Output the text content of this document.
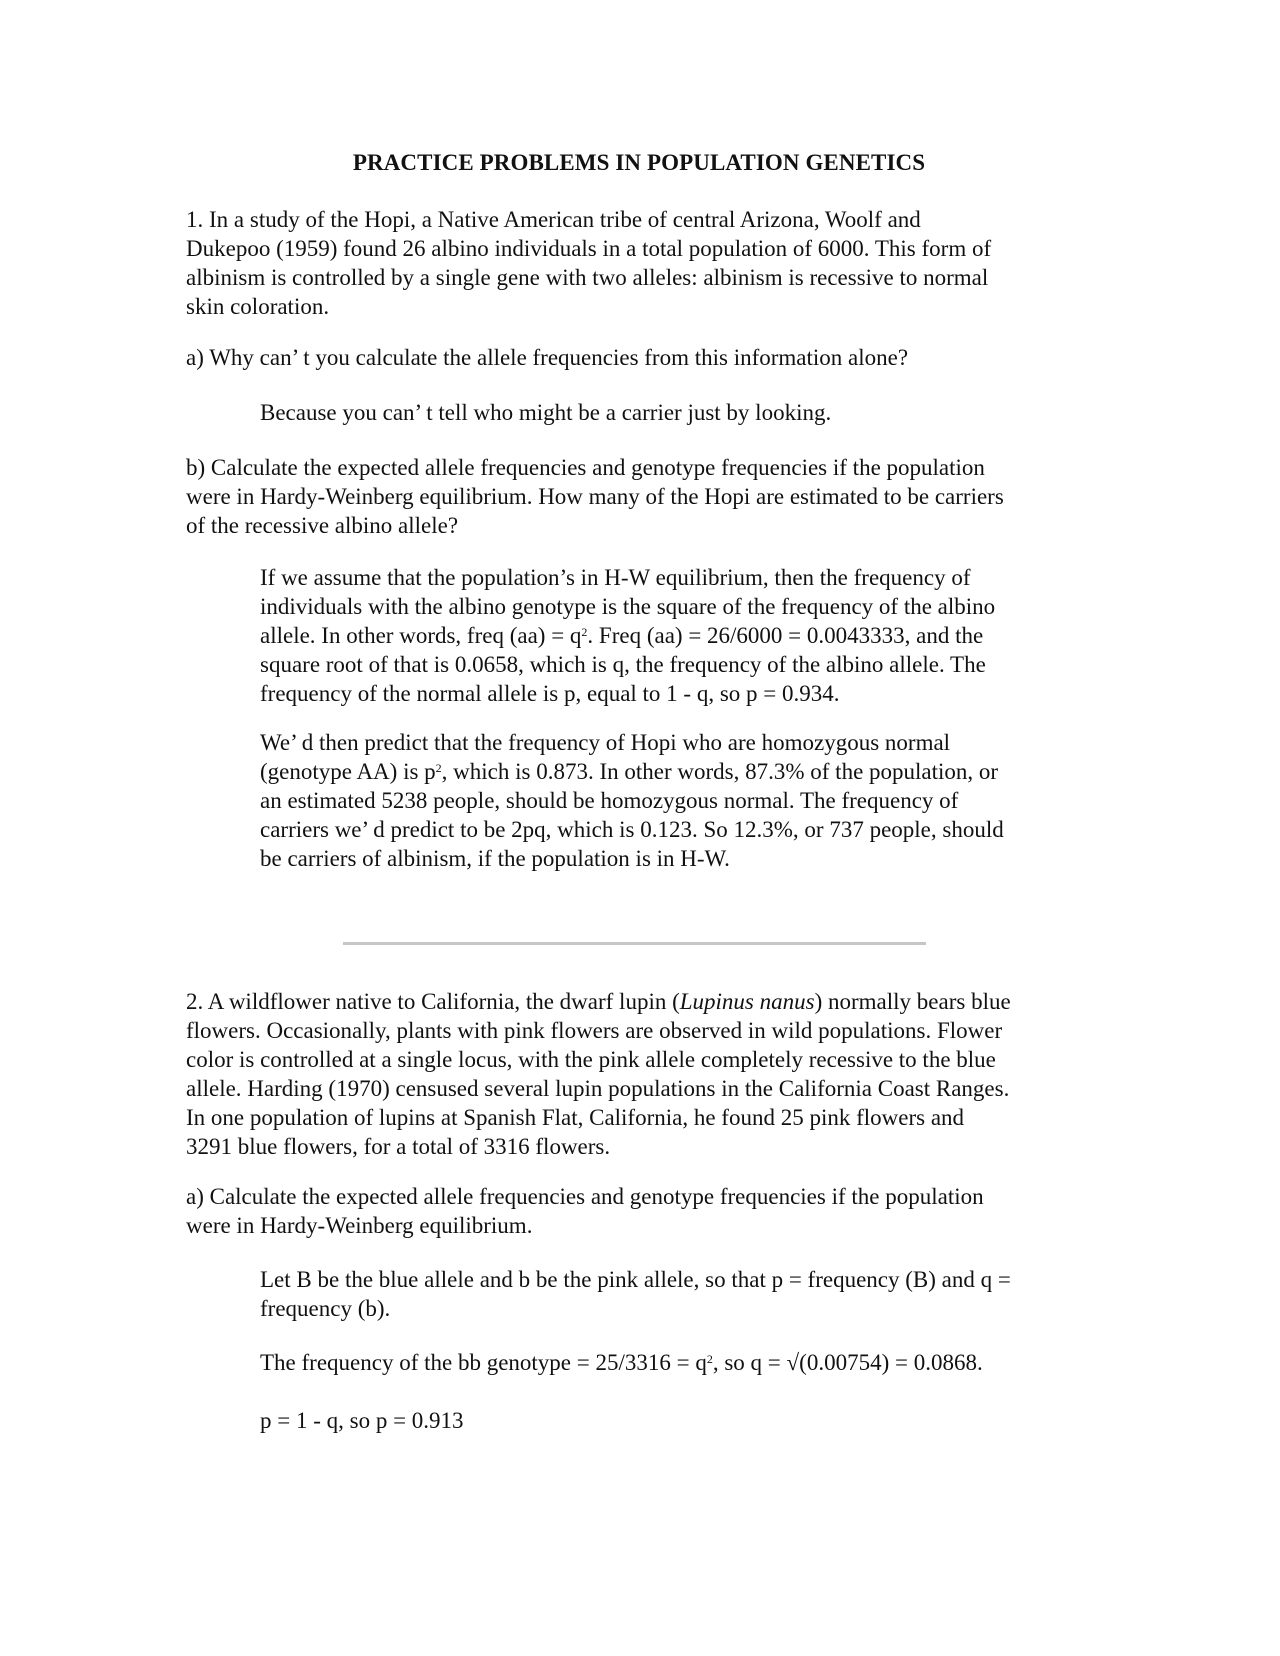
PRACTICE PROBLEMS IN POPULATION GENETICS
1. In a study of the Hopi, a Native American tribe of central Arizona, Woolf and
Dukepoo (1959) found 26 albino individuals in a total population of 6000. This form of
albinism is controlled by a single gene with two alleles: albinism is recessive to normal
skin coloration.
a) Why can’ t you calculate the allele frequencies from this information alone?
Because you can’ t tell who might be a carrier just by looking.
b) Calculate the expected allele frequencies and genotype frequencies if the population
were in Hardy-Weinberg equilibrium. How many of the Hopi are estimated to be carriers
of the recessive albino allele?
If we assume that the population’s in H-W equilibrium, then the frequency of
individuals with the albino genotype is the square of the frequency of the albino
allele. In other words, freq $(aa) = q^2$. Freq (aa) = 26/6000 = 0.0043333, and the
square root of that is 0.0658, which is q, the frequency of the albino allele. The
frequency of the normal allele is p, equal to 1 - q, so p = 0.934.
We’ d then predict that the frequency of Hopi who are homozygous normal
(genotype AA) is $p^2$, which is 0.873. In other words, 87.3% of the population, or
an estimated 5238 people, should be homozygous normal. The frequency of
carriers we’ d predict to be 2pq, which is 0.123. So 12.3%, or 737 people, should
be carriers of albinism, if the population is in H-W.
2. A wildflower native to California, the dwarf lupin (Lupinus nanus) normally bears blue
flowers. Occasionally, plants with pink flowers are observed in wild populations. Flower
color is controlled at a single locus, with the pink allele completely recessive to the blue
allele. Harding (1970) censused several lupin populations in the California Coast Ranges.
In one population of lupins at Spanish Flat, California, he found 25 pink flowers and
3291 blue flowers, for a total of 3316 flowers.
a) Calculate the expected allele frequencies and genotype frequencies if the population
were in Hardy-Weinberg equilibrium.
Let B be the blue allele and b be the pink allele, so that p = frequency (B) and q =
frequency (b).
The frequency of the bb genotype = $25/3316 = q^2$, so q = √(0.00754) = 0.0868.
p = 1 - q, so p = 0.913
